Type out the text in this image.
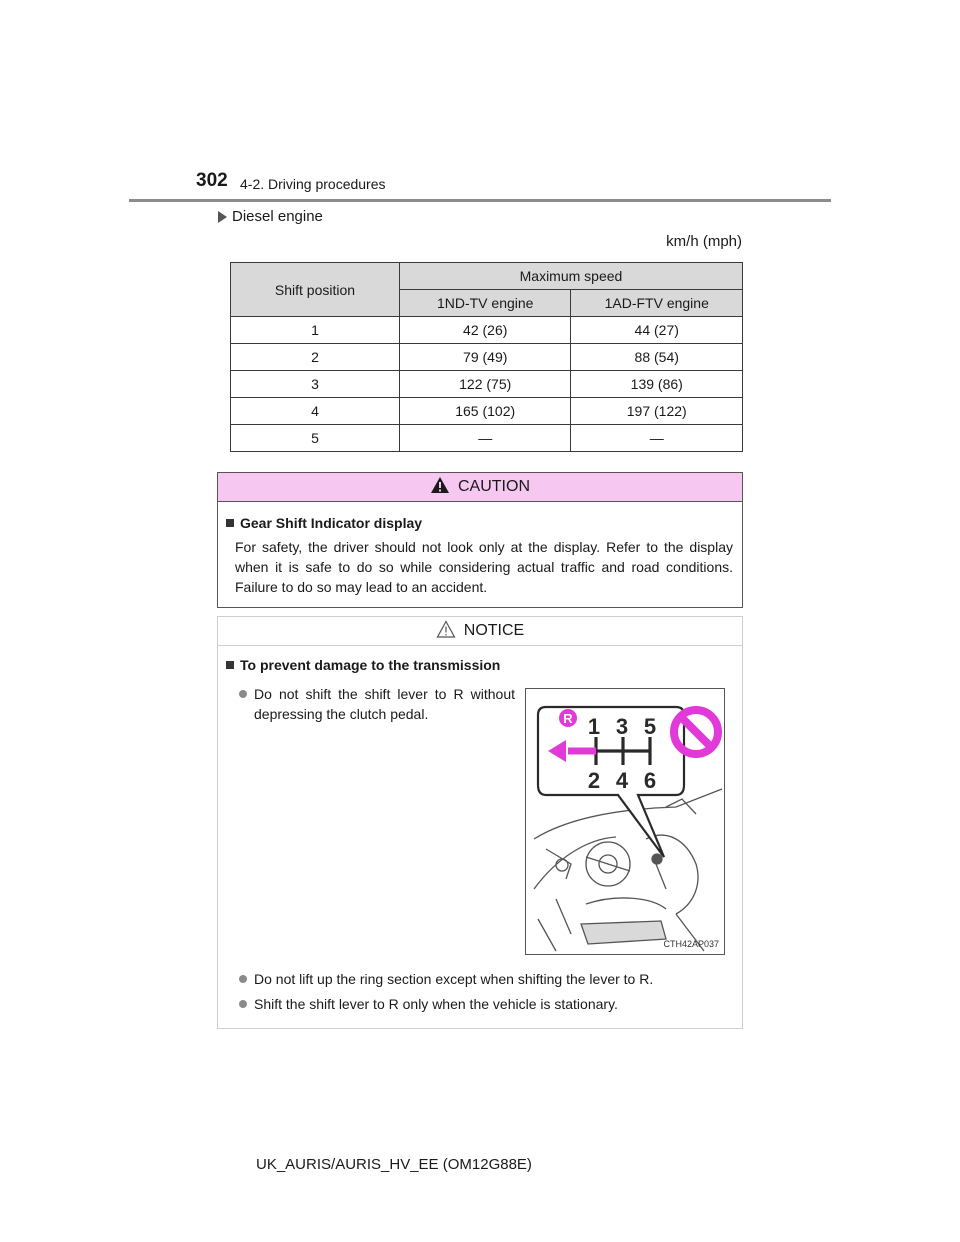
302 4-2. Driving procedures
Diesel engine
km/h (mph)
Shift position	Maximum speed	
	1ND-TV engine	1AD-FTV engine
1	42 (26)	44 (27)
2	79 (49)	88 (54)
3	122 (75)	139 (86)
4	165 (102)	197 (122)
5	—	—
CAUTION
Gear Shift Indicator display
For safety, the driver should not look only at the display. Refer to the display when it is safe to do so while considering actual traffic and road conditions. Failure to do so may lead to an accident.
NOTICE
To prevent damage to the transmission
Do not shift the shift lever to R without depressing the clutch pedal.	R 1 3 5
2 4 6
CTH42AP037
Do not lift up the ring section except when shifting the lever to R.
Shift the shift lever to R only when the vehicle is stationary.
UK_AURIS/AURIS_HV_EE (OM12G88E)
